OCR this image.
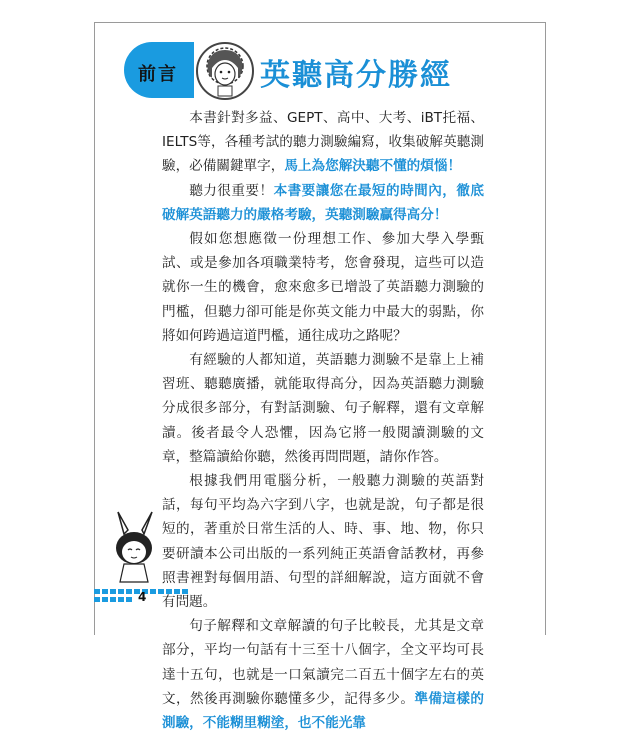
前言	英聽高分勝經

本書針對多益、GEPT、高中、大考、iBT托福、IELTS等，各種考試的聽力測驗編寫，收集破解英聽測驗，必備關鍵單字，馬上為您解決聽不懂的煩惱！

聽力很重要！本書要讓您在最短的時間內，徹底破解英語聽力的嚴格考驗，英聽測驗贏得高分！

假如您想應徵一份理想工作、參加大學入學甄試、或是參加各項職業特考，您會發現，這些可以造就你一生的機會，愈來愈多已增設了英語聽力測驗的門檻，但聽力卻可能是你英文能力中最大的弱點，你將如何跨過這道門檻，通往成功之路呢？

有經驗的人都知道，英語聽力測驗不是靠上上補習班、聽聽廣播，就能取得高分，因為英語聽力測驗分成很多部分，有對話測驗、句子解釋，還有文章解讀。後者最令人恐懼，因為它將一般閱讀測驗的文章，整篇讀給你聽，然後再問問題，請你作答。

根據我們用電腦分析，一般聽力測驗的英語對話，每句平均為六字到八字，也就是說，句子都是很短的，著重於日常生活的人、時、事、地、物，你只要研讀本公司出版的一系列純正英語會話教材，再參照書裡對每個用語、句型的詳細解說，這方面就不會有問題。

句子解釋和文章解讀的句子比較長，尤其是文章部分，平均一句話有十三至十八個字，全文平均可長達十五句，也就是一口氣讀完二百五十個字左右的英文，然後再測驗你聽懂多少，記得多少。準備這樣的測驗，不能糊里糊塗，也不能光靠

4
